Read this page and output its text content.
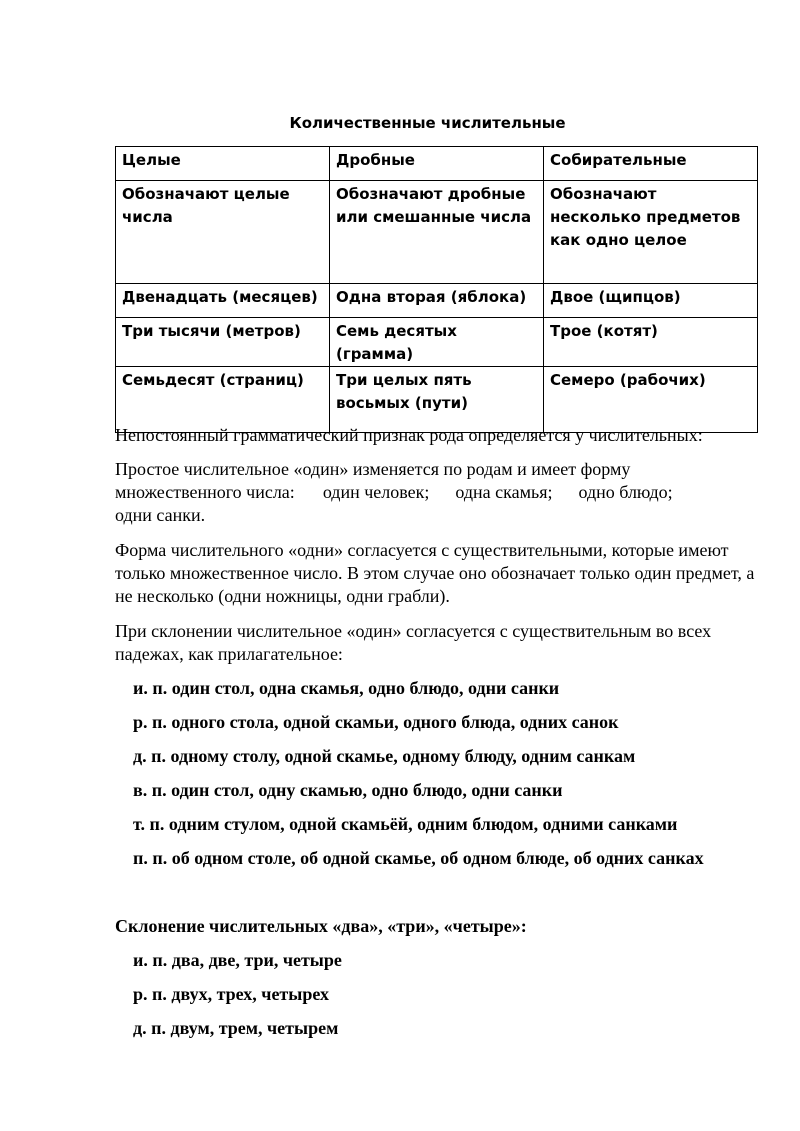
Количественные числительные
Целые	Дробные	Собирательные
Обозначают целые числа	Обозначают дробные или смешанные числа	Обозначают несколько предметов как одно целое
Двенадцать (месяцев)	Одна вторая (яблока)	Двое (щипцов)
Три тысячи (метров)	Семь десятых (грамма)	Трое (котят)
Семьдесят (страниц)	Три целых пять восьмых (пути)	Семеро (рабочих)
Непостоянный грамматический признак рода определяется у числительных:
Простое числительное «один» изменяется по родам и имеет форму
множественного числа: один человек; одна скамья; одно блюдо;
одни санки.
Форма числительного «одни» согласуется с существительными, которые имеют только множественное число. В этом случае оно обозначает только один предмет, а не несколько (одни ножницы, одни грабли).
При склонении числительное «один» согласуется с существительным во всех падежах, как прилагательное:
и. п. один стол, одна скамья, одно блюдо, одни санки
р. п. одного стола, одной скамьи, одного блюда, одних санок
д. п. одному столу, одной скамье, одному блюду, одним санкам
в. п. один стол, одну скамью, одно блюдо, одни санки
т. п. одним стулом, одной скамьёй, одним блюдом, одними санками
п. п. об одном столе, об одной скамье, об одном блюде, об одних санках
Склонение числительных «два», «три», «четыре»:
и. п. два, две, три, четыре
р. п. двух, трех, четырех
д. п. двум, трем, четырем
